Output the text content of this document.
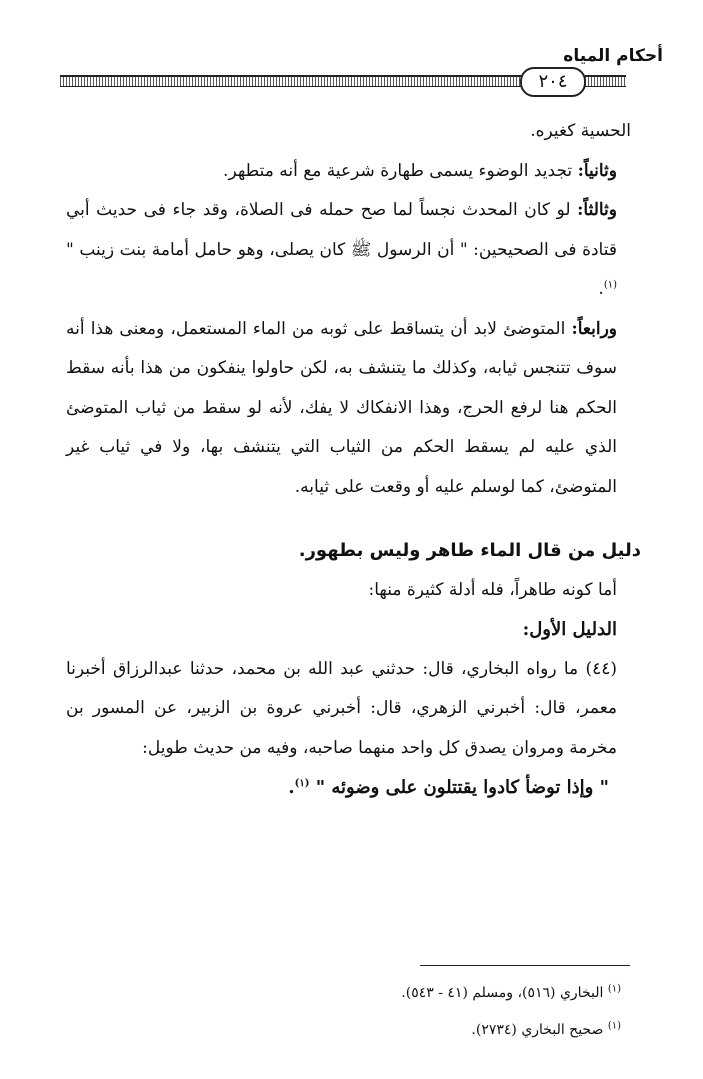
أحكام المياه
٢٠٤

الحسية كغيره.

وثانياً: تجديد الوضوء يسمى طهارة شرعية مع أنه متطهر.

وثالثاً: لو كان المحدث نجساً لما صح حمله فى الصلاة، وقد جاء فى حديث أبي قتادة فى الصحيحين: " أن الرسول ﷺ كان يصلى، وهو حامل أمامة بنت زينب " $^{(١)}$.

ورابعاً: المتوضئ لابد أن يتساقط على ثوبه من الماء المستعمل، ومعنى هذا أنه سوف تتنجس ثيابه، وكذلك ما يتنشف به، لكن حاولوا ينفكون من هذا بأنه سقط الحكم هنا لرفع الحرج، وهذا الانفكاك لا يفك، لأنه لو سقط من ثياب المتوضئ الذي عليه لم يسقط الحكم من الثياب التي يتنشف بها، ولا في ثياب غير المتوضئ، كما لوسلم عليه أو وقعت على ثيابه.

دليل من قال الماء طاهر وليس بطهور.

أما كونه طاهراً، فله أدلة كثيرة منها:

الدليل الأول:

(٤٤) ما رواه البخاري، قال: حدثني عبد الله بن محمد، حدثنا عبدالرزاق أخبرنا معمر، قال: أخبرني الزهري، قال: أخبرني عروة بن الزبير، عن المسور بن مخرمة ومروان يصدق كل واحد منهما صاحبه، وفيه من حديث طويل:

" وإذا توضأ كادوا يقتتلون على وضوئه " $^{(١)}$.

$^{(١)}$ البخاري (٥١٦)، ومسلم (٤١ - ٥٤٣).

$^{(١)}$ صحيح البخاري (٢٧٣٤).
